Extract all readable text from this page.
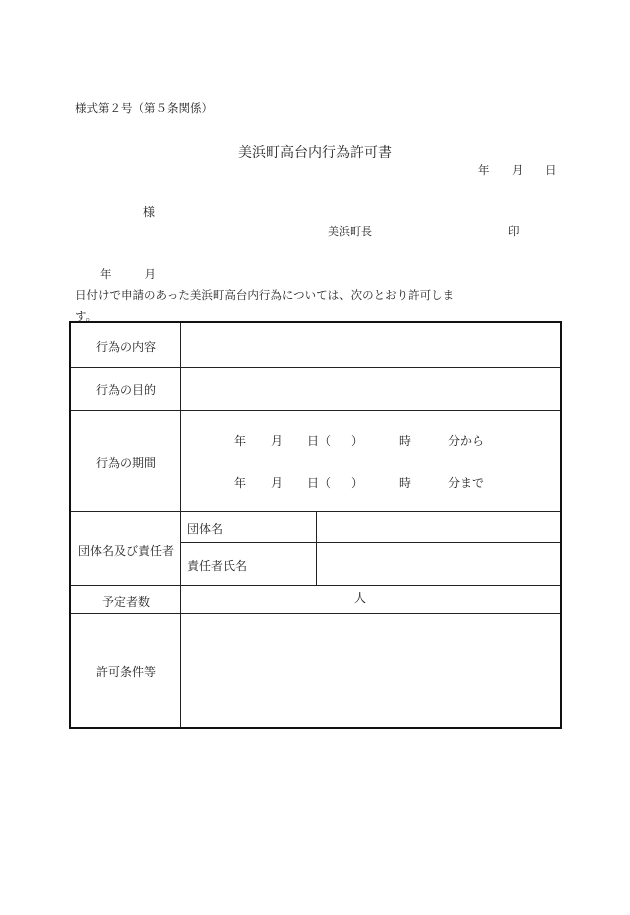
様式第２号（第５条関係）
美浜町高台内行為許可書
年 月 日
様
美浜町長	印
年	月日付けで申請のあった美浜町高台内行為については、次のとおり許可しま
す。
行為の内容
行為の目的
行為の期間
年 月 日（ ）	時	分から
年 月 日（ ）	時	分まで
団体名及び責任者
団体名
責任者氏名
予定者数	人
許可条件等
